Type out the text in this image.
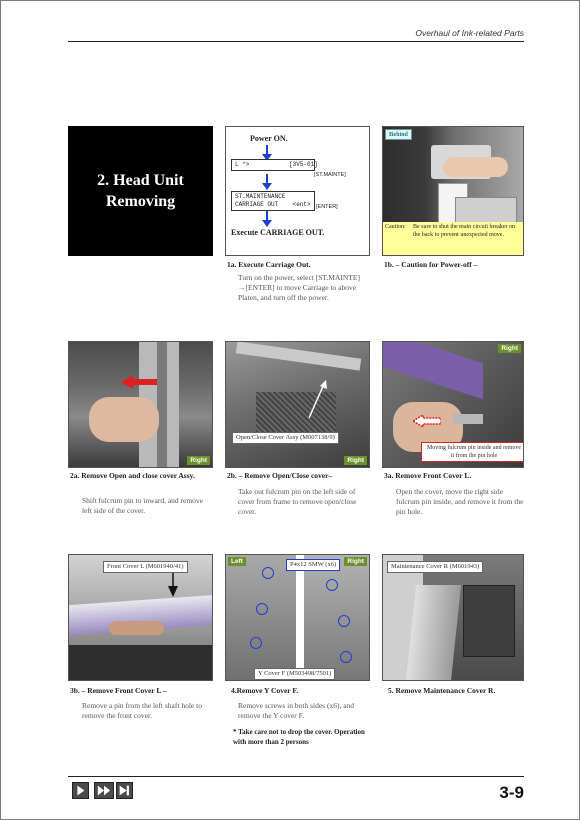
Overhaul of Ink-related Parts
2. Head Unit
Removing
Power ON.
L *>           [3V5-01]
[ST.MAINTE]
ST.MAINTENANCE
CARRIAGE OUT    <ent> [ENTER]
Execute CARRIAGE OUT.
1a. Execute Carriage Out.
Turn on the power, select [ST.MAINTE] →[ENTER] to move Carriage to above Platen, and turn off the power.
Behind
Caution: Be sure to shut the main circuit breaker on the back to prevent unexpected move.
1b. – Caution for Power-off –
Right
2a. Remove Open and close cover Assy.
Shift fulcrum pin to inward, and remove left side of the cover.
Open/Close Cover Assy (M007138/9)
Right
2b. – Remove Open/Close cover–
Take out fulcrum pin on the left side of cover from frame to remove open/close cover.
Right
Moving fulcrum pin inside and remove it from the pin hole
3a. Remove Front Cover L.
Open the cover, move the right side fulcrum pin inside, and remove it from the pin hole.
Front Cover L (M601940/41)
3b. – Remove Front Cover L –
Remove a pin from the left shaft hole to remove the front cover.
Left	Right
P4x12 SMW (x6)
Y Cover F (M503498/7501)
4.Remove Y Cover F.
Remove screws in both sides (x6), and remove the Y cover F.
* Take care not to drop the cover. Operation with more than 2 persons
Maintenance Cover R (M601943)
5. Remove Maintenance Cover R.
3-9
